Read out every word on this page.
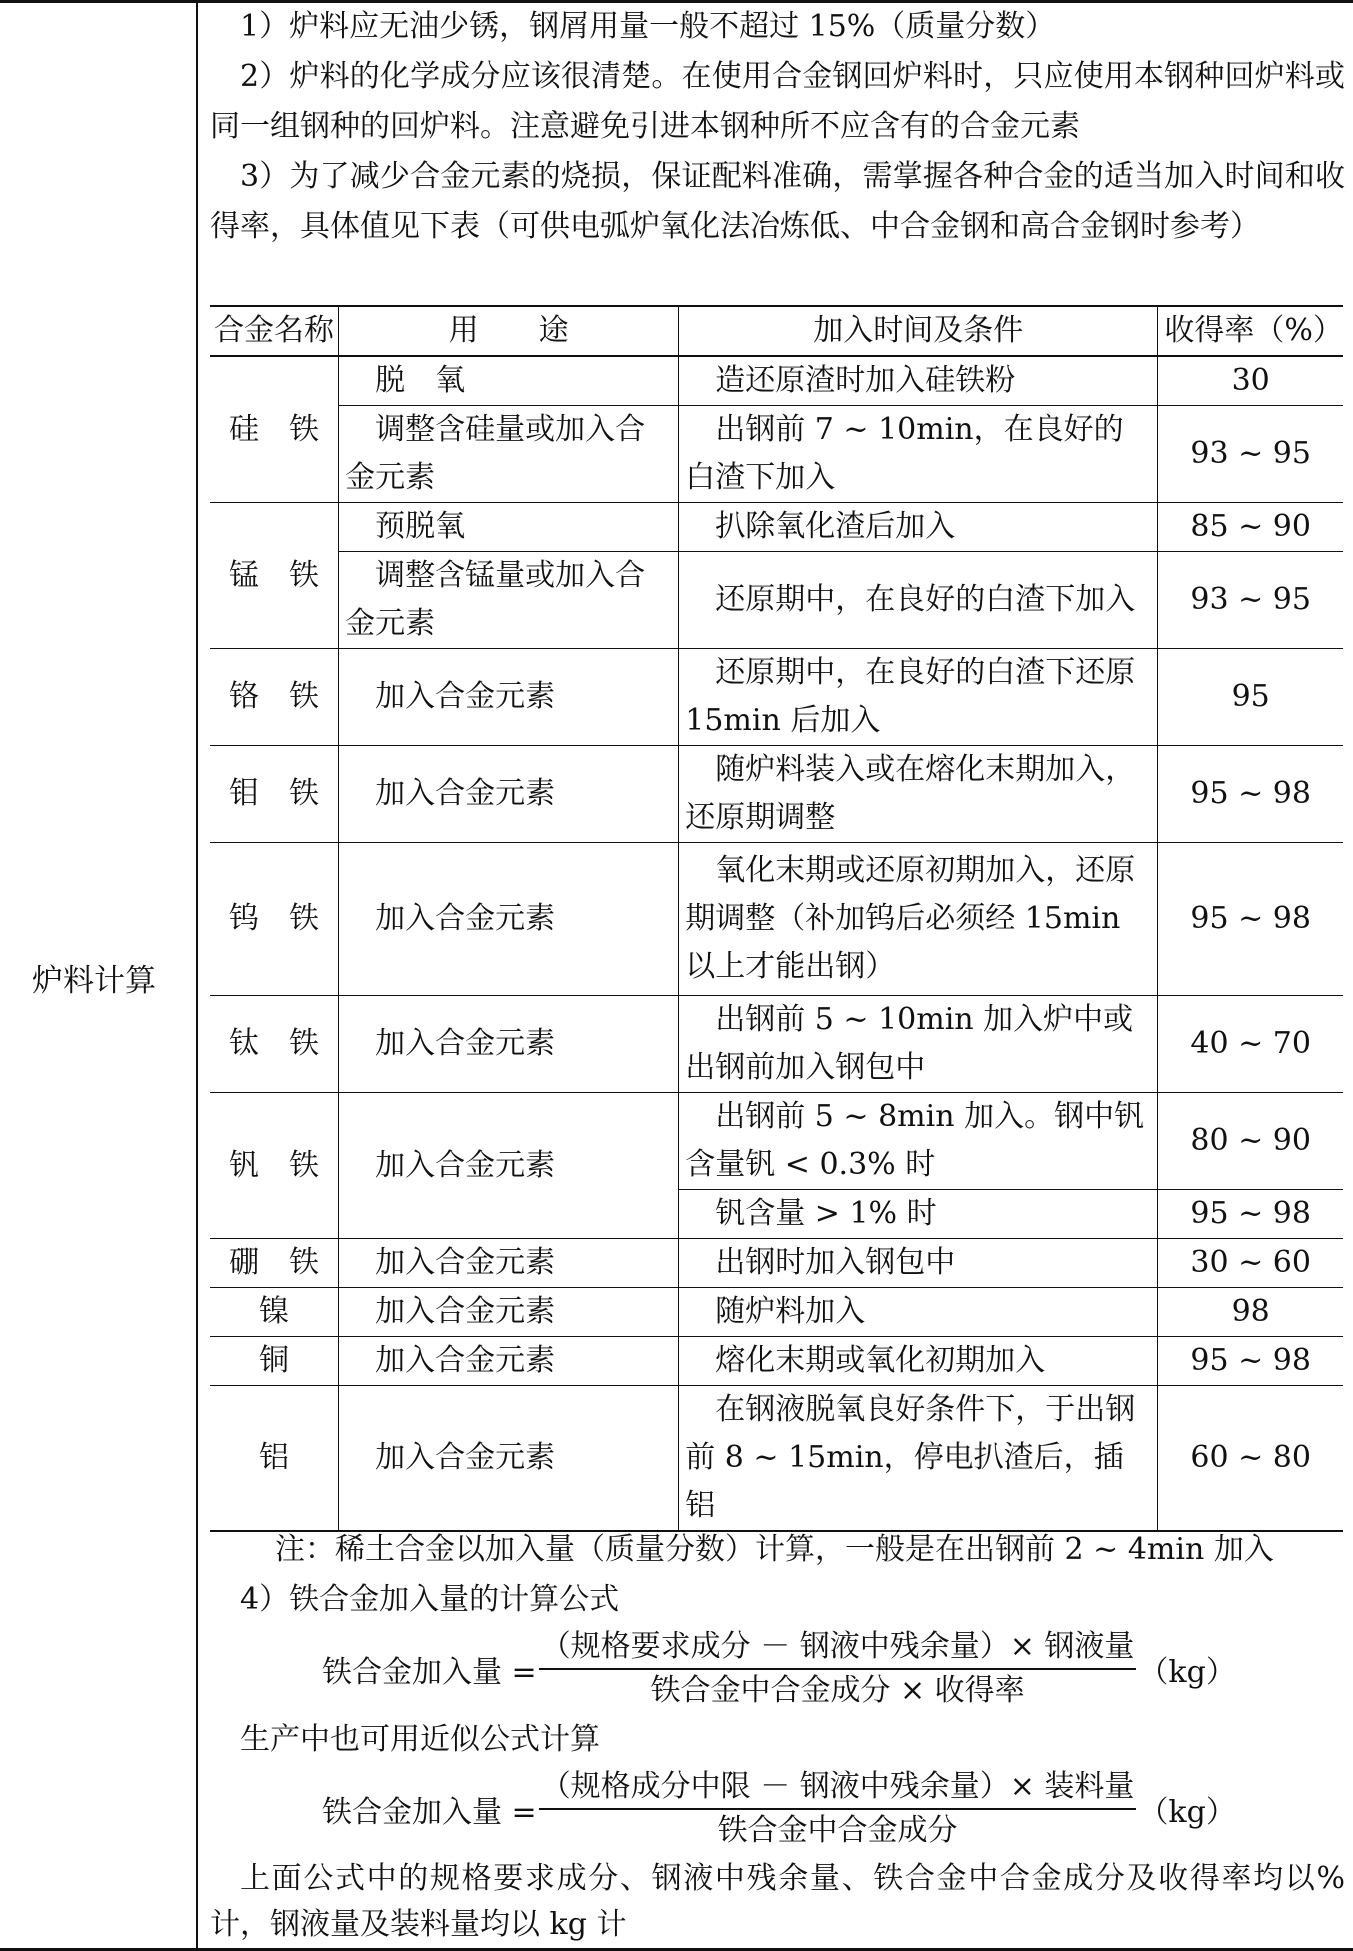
炉料计算

1）炉料应无油少锈，钢屑用量一般不超过 15%（质量分数）

2）炉料的化学成分应该很清楚。在使用合金钢回炉料时，只应使用本钢种回炉料或同一组钢种的回炉料。注意避免引进本钢种所不应含有的合金元素

3）为了减少合金元素的烧损，保证配料准确，需掌握各种合金的适当加入时间和收得率，具体值见下表（可供电弧炉氧化法冶炼低、中合金钢和高合金钢时参考）

合金名称	用　　途	加入时间及条件	收得率（%）
硅　铁	脱　氧	造还原渣时加入硅铁粉	30
	调整含硅量或加入合金元素	出钢前 7 ~ 10min，在良好的白渣下加入	93 ~ 95
锰　铁	预脱氧	扒除氧化渣后加入	85 ~ 90
	调整含锰量或加入合金元素	还原期中，在良好的白渣下加入	93 ~ 95
铬　铁	加入合金元素	还原期中，在良好的白渣下还原 15min 后加入	95
钼　铁	加入合金元素	随炉料装入或在熔化末期加入，还原期调整	95 ~ 98
钨　铁	加入合金元素	氧化末期或还原初期加入，还原期调整（补加钨后必须经 15min 以上才能出钢）	95 ~ 98
钛　铁	加入合金元素	出钢前 5 ~ 10min 加入炉中或出钢前加入钢包中	40 ~ 70
钒　铁	加入合金元素	出钢前 5 ~ 8min 加入。钢中钒含量钒 < 0.3% 时	80 ~ 90
		钒含量 > 1% 时	95 ~ 98
硼　铁	加入合金元素	出钢时加入钢包中	30 ~ 60
镍	加入合金元素	随炉料加入	98
铜	加入合金元素	熔化末期或氧化初期加入	95 ~ 98
铝	加入合金元素	在钢液脱氧良好条件下，于出钢前 8 ~ 15min，停电扒渣后，插铝	60 ~ 80
注：稀土合金以加入量（质量分数）计算，一般是在出钢前 2 ~ 4min 加入
4）铁合金加入量的计算公式
铁合金加入量 = $\frac{\text{（规格要求成分 － 钢液中残余量）× 钢液量}}{\text{铁合金中合金成分 × 收得率}} (kg)$
生产中也可用近似公式计算
铁合金加入量 = $\frac{\text{（规格成分中限 － 钢液中残余量）× 装料量}}{\text{铁合金中合金成分}} (kg)$

上面公式中的规格要求成分、钢液中残余量、铁合金中合金成分及收得率均以% 计，钢液量及装料量均以 kg 计
